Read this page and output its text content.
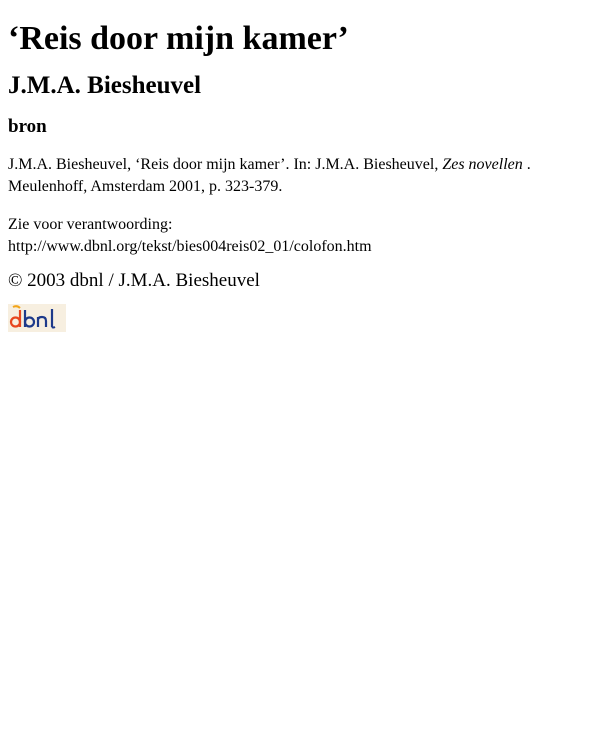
‘Reis door mijn kamer’
J.M.A. Biesheuvel
bron

J.M.A. Biesheuvel, ‘Reis door mijn kamer’. In: J.M.A. Biesheuvel, Zes novellen . Meulenhoff, Amsterdam 2001, p. 323-379.

Zie voor verantwoording:
http://www.dbnl.org/tekst/bies004reis02_01/colofon.htm

© 2003 dbnl / J.M.A. Biesheuvel
